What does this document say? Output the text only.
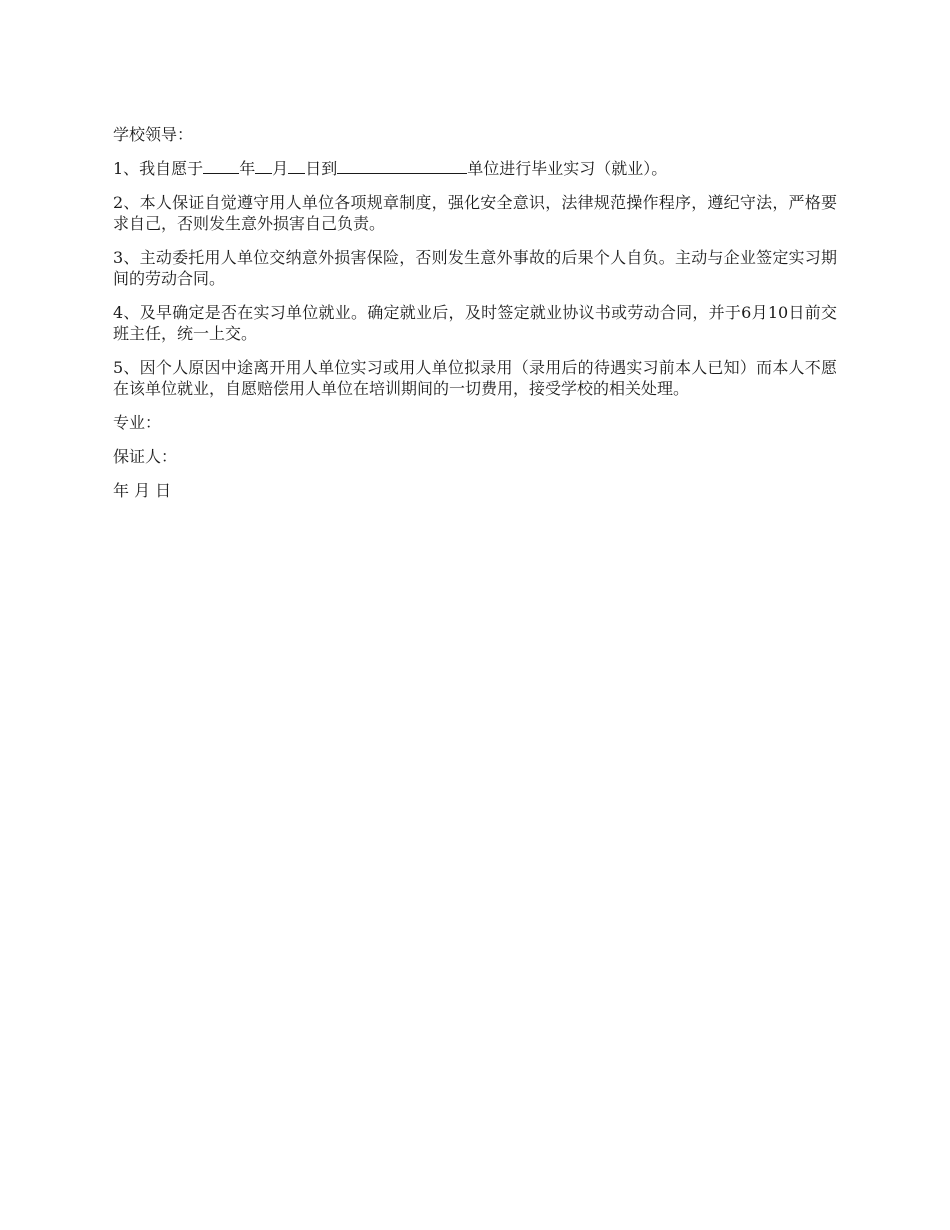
学校领导：

1、我自愿于 年 月 日到	单位进行毕业实习（就业）。

2、本人保证自觉遵守用人单位各项规章制度，强化安全意识，法律规范操作程序，遵纪守法，严格要求自己，否则发生意外损害自己负责。

3、主动委托用人单位交纳意外损害保险，否则发生意外事故的后果个人自负。主动与企业签定实习期间的劳动合同。

4、及早确定是否在实习单位就业。确定就业后，及时签定就业协议书或劳动合同，并于6月10日前交班主任，统一上交。

5、因个人原因中途离开用人单位实习或用人单位拟录用（录用后的待遇实习前本人已知）而本人不愿在该单位就业，自愿赔偿用人单位在培训期间的一切费用，接受学校的相关处理。

专业：

保证人：

年 月 日
